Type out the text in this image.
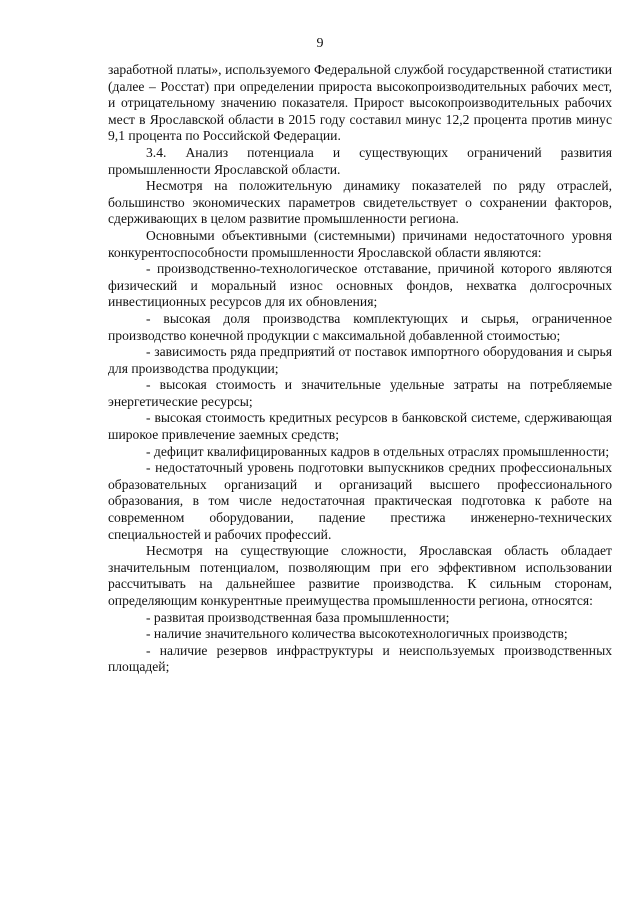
9

заработной платы», используемого Федеральной службой государственной статистики (далее – Росстат) при определении прироста высокопроизводительных рабочих мест, и отрицательному значению показателя. Прирост высокопроизводительных рабочих мест в Ярославской области в 2015 году составил минус 12,2 процента против минус 9,1 процента по Российской Федерации.

3.4. Анализ потенциала и существующих ограничений развития промышленности Ярославской области.

Несмотря на положительную динамику показателей по ряду отраслей, большинство экономических параметров свидетельствует о сохранении факторов, сдерживающих в целом развитие промышленности региона.

Основными объективными (системными) причинами недостаточного уровня конкурентоспособности промышленности Ярославской области являются:

- производственно-технологическое отставание, причиной которого являются физический и моральный износ основных фондов, нехватка долгосрочных инвестиционных ресурсов для их обновления;

- высокая доля производства комплектующих и сырья, ограниченное производство конечной продукции с максимальной добавленной стоимостью;

- зависимость ряда предприятий от поставок импортного оборудования и сырья для производства продукции;

- высокая стоимость и значительные удельные затраты на потребляемые энергетические ресурсы;

- высокая стоимость кредитных ресурсов в банковской системе, сдерживающая широкое привлечение заемных средств;

- дефицит квалифицированных кадров в отдельных отраслях промышленности;

- недостаточный уровень подготовки выпускников средних профессиональных образовательных организаций и организаций высшего профессионального образования, в том числе недостаточная практическая подготовка к работе на современном оборудовании, падение престижа инженерно-технических специальностей и рабочих профессий.

Несмотря на существующие сложности, Ярославская область обладает значительным потенциалом, позволяющим при его эффективном использовании рассчитывать на дальнейшее развитие производства. К сильным сторонам, определяющим конкурентные преимущества промышленности региона, относятся:

- развитая производственная база промышленности;

- наличие значительного количества высокотехнологичных производств;

- наличие резервов инфраструктуры и неиспользуемых производственных площадей;
